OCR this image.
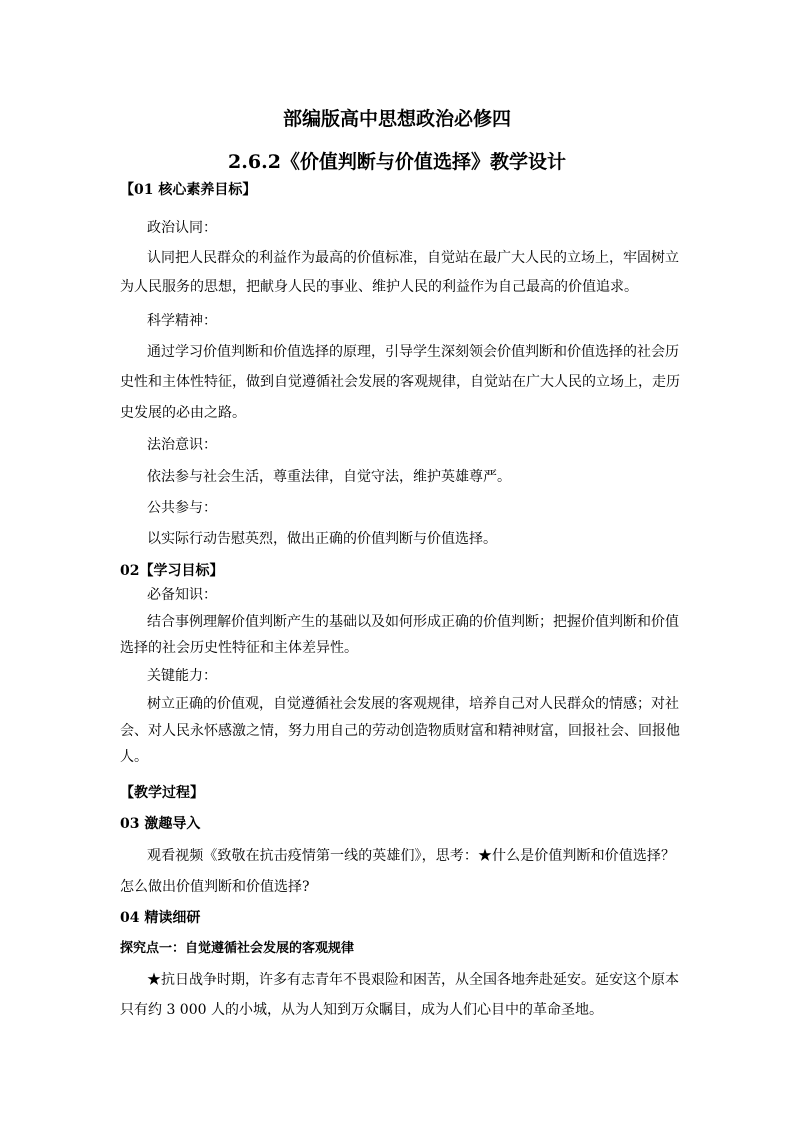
部编版高中思想政治必修四
2.6.2《价值判断与价值选择》教学设计
【01 核心素养目标】
政治认同：
认同把人民群众的利益作为最高的价值标准，自觉站在最广大人民的立场上，牢固树立
为人民服务的思想，把献身人民的事业、维护人民的利益作为自己最高的价值追求。
科学精神：
通过学习价值判断和价值选择的原理，引导学生深刻领会价值判断和价值选择的社会历
史性和主体性特征，做到自觉遵循社会发展的客观规律，自觉站在广大人民的立场上，走历
史发展的必由之路。
法治意识：
依法参与社会生活，尊重法律，自觉守法，维护英雄尊严。
公共参与：
以实际行动告慰英烈，做出正确的价值判断与价值选择。
02【学习目标】
必备知识：
结合事例理解价值判断产生的基础以及如何形成正确的价值判断；把握价值判断和价值
选择的社会历史性特征和主体差异性。
关键能力：
树立正确的价值观，自觉遵循社会发展的客观规律，培养自己对人民群众的情感；对社
会、对人民永怀感激之情，努力用自己的劳动创造物质财富和精神财富，回报社会、回报他
人。
【教学过程】
03 激趣导入
观看视频《致敬在抗击疫情第一线的英雄们》，思考：★什么是价值判断和价值选择？
怎么做出价值判断和价值选择?
04 精读细研
探究点一：自觉遵循社会发展的客观规律
★抗日战争时期，许多有志青年不畏艰险和困苦，从全国各地奔赴延安。延安这个原本
只有约 3 000 人的小城，从为人知到万众瞩目，成为人们心目中的革命圣地。
